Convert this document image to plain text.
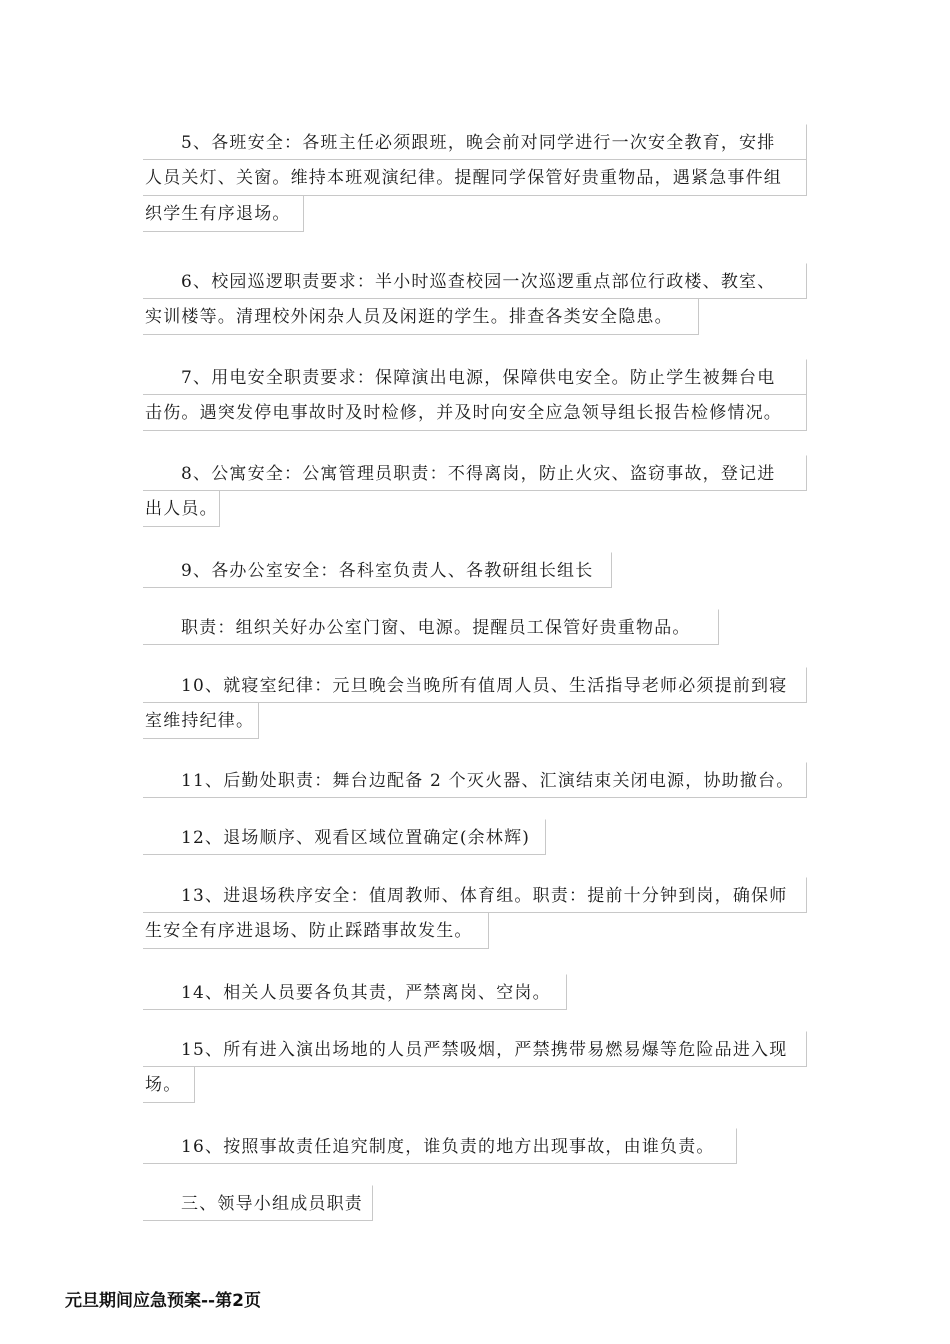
5、各班安全：各班主任必须跟班，晚会前对同学进行一次安全教育，安排
人员关灯、关窗。维持本班观演纪律。提醒同学保管好贵重物品，遇紧急事件组
织学生有序退场。
6、校园巡逻职责要求：半小时巡查校园一次巡逻重点部位行政楼、教室、
实训楼等。清理校外闲杂人员及闲逛的学生。排查各类安全隐患。
7、用电安全职责要求：保障演出电源，保障供电安全。防止学生被舞台电
击伤。遇突发停电事故时及时检修，并及时向安全应急领导组长报告检修情况。
8、公寓安全：公寓管理员职责：不得离岗，防止火灾、盗窃事故，登记进
出人员。
9、各办公室安全：各科室负责人、各教研组长组长
职责：组织关好办公室门窗、电源。提醒员工保管好贵重物品。
10、就寝室纪律：元旦晚会当晚所有值周人员、生活指导老师必须提前到寝
室维持纪律。
11、后勤处职责：舞台边配备 2 个灭火器、汇演结束关闭电源，协助撤台。
12、退场顺序、观看区域位置确定(余林辉)
13、进退场秩序安全：值周教师、体育组。职责：提前十分钟到岗，确保师
生安全有序进退场、防止踩踏事故发生。
14、相关人员要各负其责，严禁离岗、空岗。
15、所有进入演出场地的人员严禁吸烟，严禁携带易燃易爆等危险品进入现
场。
16、按照事故责任追究制度，谁负责的地方出现事故，由谁负责。
三、领导小组成员职责
元旦期间应急预案--第2页
